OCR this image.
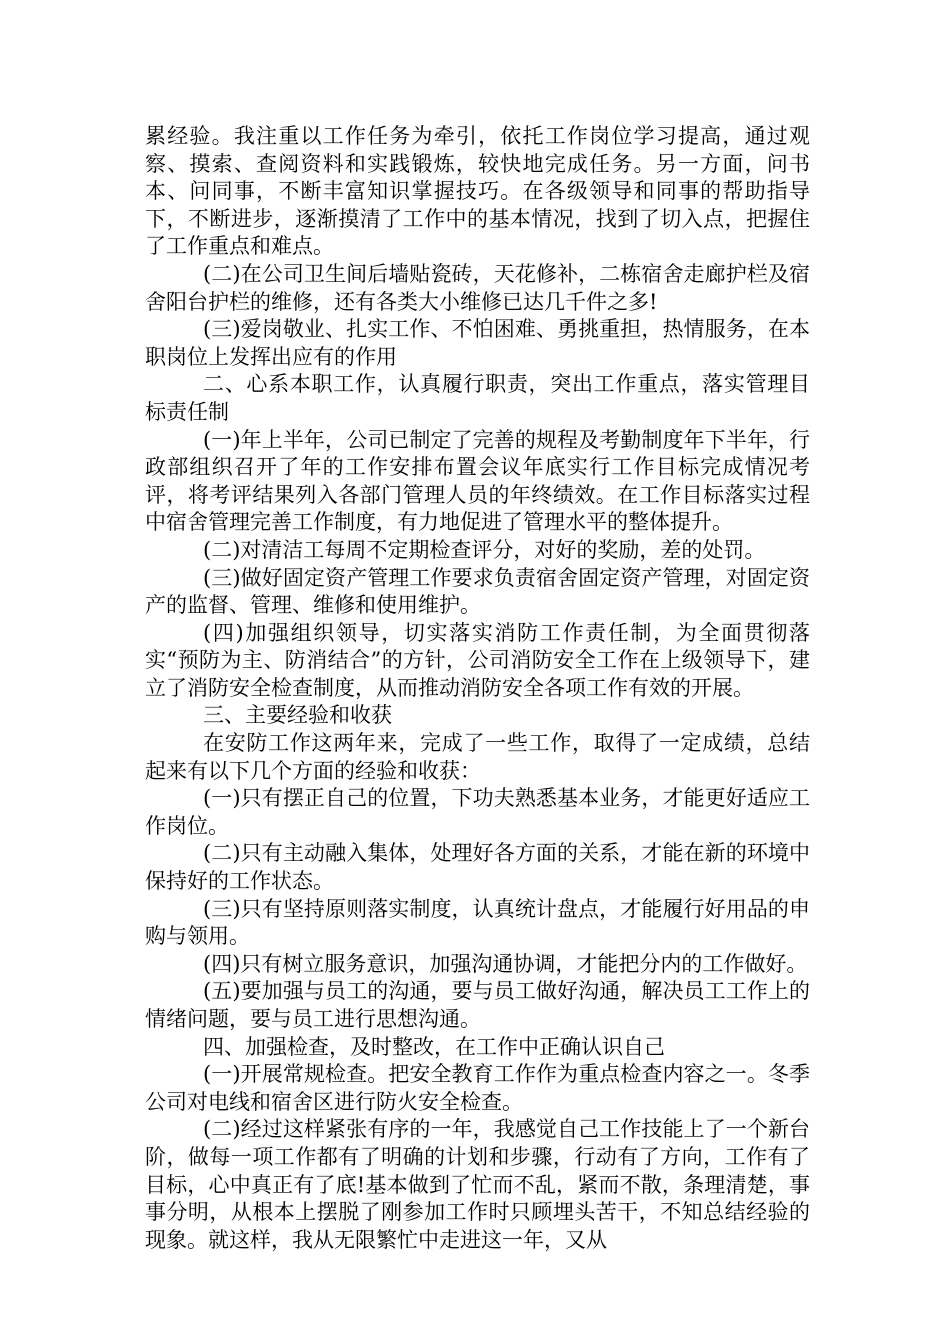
累经验。我注重以工作任务为牵引，依托工作岗位学习提高，通过观察、摸索、查阅资料和实践锻炼，较快地完成任务。另一方面，问书本、问同事，不断丰富知识掌握技巧。在各级领导和同事的帮助指导下，不断进步，逐渐摸清了工作中的基本情况，找到了切入点，把握住了工作重点和难点。

(二)在公司卫生间后墙贴瓷砖，天花修补，二栋宿舍走廊护栏及宿舍阳台护栏的维修，还有各类大小维修已达几千件之多!

(三)爱岗敬业、扎实工作、不怕困难、勇挑重担，热情服务，在本职岗位上发挥出应有的作用

二、心系本职工作，认真履行职责，突出工作重点，落实管理目标责任制

(一)年上半年，公司已制定了完善的规程及考勤制度年下半年，行政部组织召开了年的工作安排布置会议年底实行工作目标完成情况考评，将考评结果列入各部门管理人员的年终绩效。在工作目标落实过程中宿舍管理完善工作制度，有力地促进了管理水平的整体提升。

(二)对清洁工每周不定期检查评分，对好的奖励，差的处罚。

(三)做好固定资产管理工作要求负责宿舍固定资产管理，对固定资产的监督、管理、维修和使用维护。

(四)加强组织领导，切实落实消防工作责任制，为全面贯彻落实“预防为主、防消结合”的方针，公司消防安全工作在上级领导下，建立了消防安全检查制度，从而推动消防安全各项工作有效的开展。

三、主要经验和收获

在安防工作这两年来，完成了一些工作，取得了一定成绩，总结起来有以下几个方面的经验和收获：

(一)只有摆正自己的位置，下功夫熟悉基本业务，才能更好适应工作岗位。

(二)只有主动融入集体，处理好各方面的关系，才能在新的环境中保持好的工作状态。

(三)只有坚持原则落实制度，认真统计盘点，才能履行好用品的申购与领用。

(四)只有树立服务意识，加强沟通协调，才能把分内的工作做好。

(五)要加强与员工的沟通，要与员工做好沟通，解决员工工作上的情绪问题，要与员工进行思想沟通。

四、加强检查，及时整改，在工作中正确认识自己

(一)开展常规检查。把安全教育工作作为重点检查内容之一。冬季公司对电线和宿舍区进行防火安全检查。

(二)经过这样紧张有序的一年，我感觉自己工作技能上了一个新台阶，做每一项工作都有了明确的计划和步骤，行动有了方向，工作有了目标，心中真正有了底!基本做到了忙而不乱，紧而不散，条理清楚，事事分明，从根本上摆脱了刚参加工作时只顾埋头苦干，不知总结经验的现象。就这样，我从无限繁忙中走进这一年，又从
